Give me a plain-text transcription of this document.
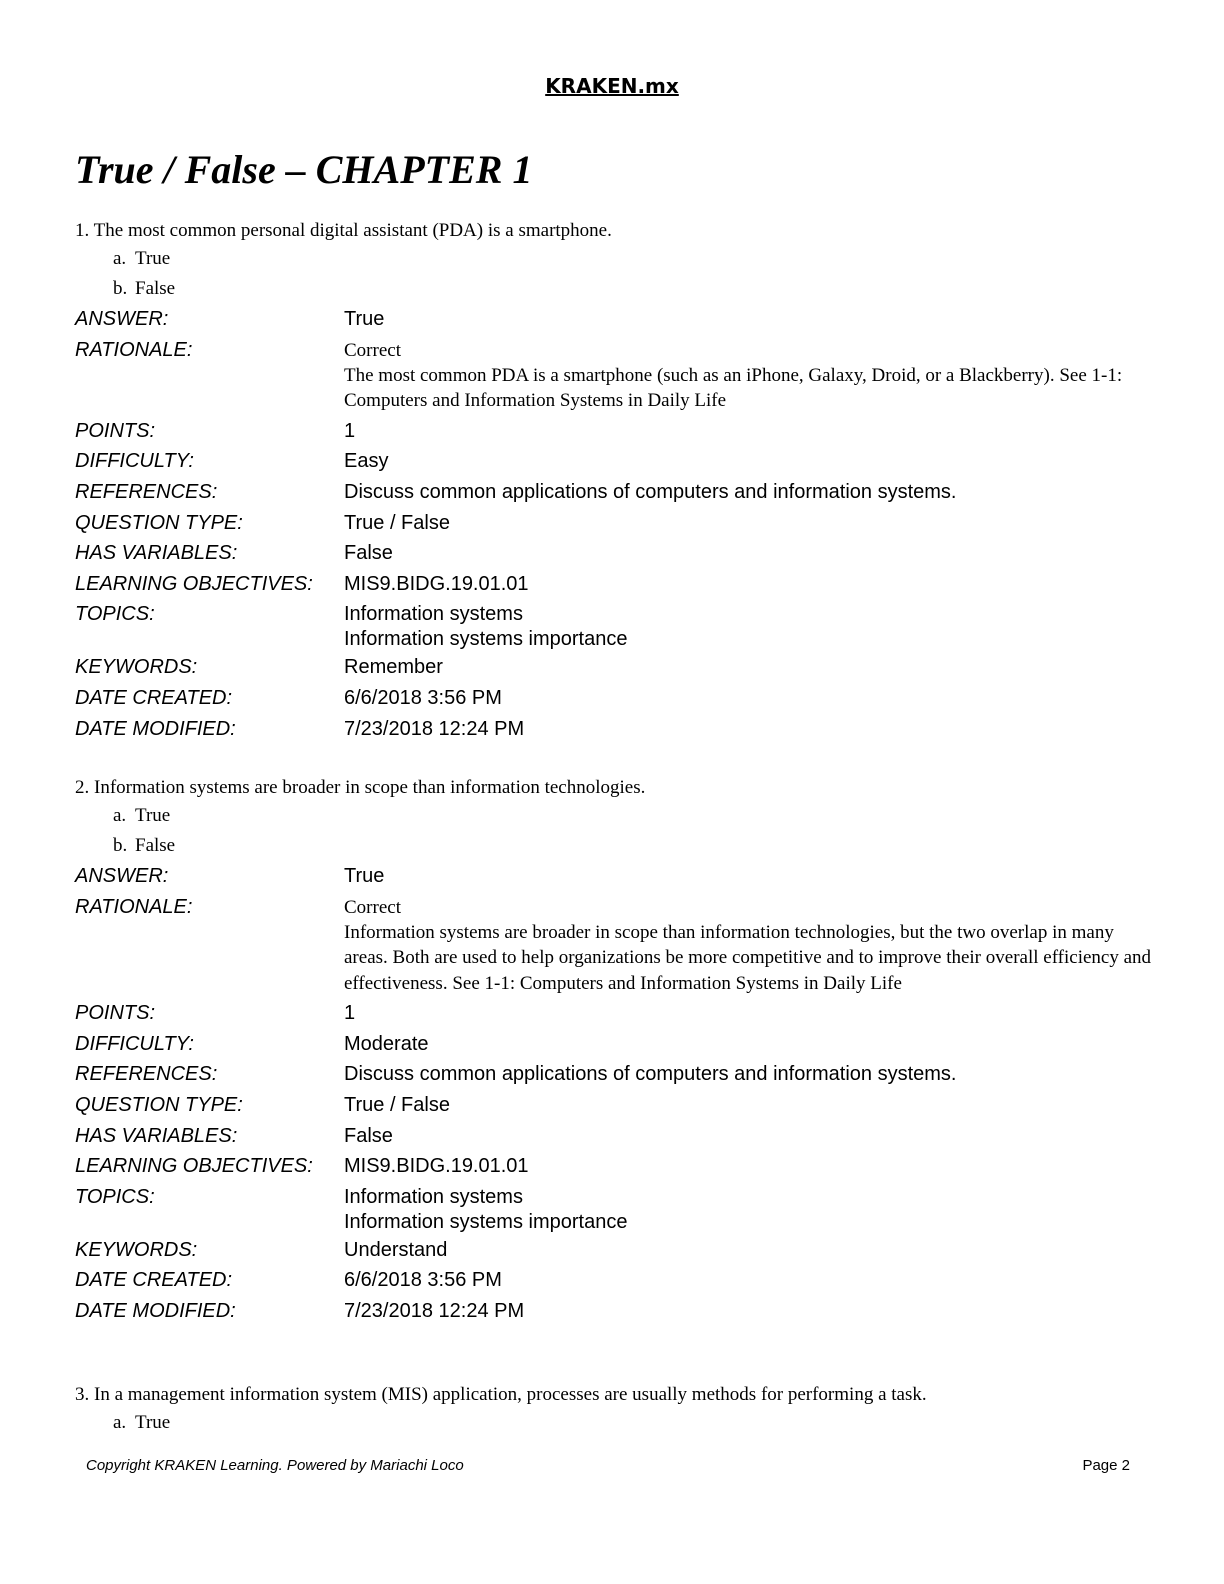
KRAKEN.mx
True / False – CHAPTER 1
1. The most common personal digital assistant (PDA) is a smartphone.
a. True
b. False
ANSWER:	True
RATIONALE:	Correct
The most common PDA is a smartphone (such as an iPhone, Galaxy, Droid, or a Blackberry). See 1-1: Computers and Information Systems in Daily Life
POINTS:	1
DIFFICULTY:	Easy
REFERENCES:	Discuss common applications of computers and information systems.
QUESTION TYPE:	True / False
HAS VARIABLES:	False
LEARNING OBJECTIVES:	MIS9.BIDG.19.01.01
TOPICS:	Information systems
Information systems importance
KEYWORDS:	Remember
DATE CREATED:	6/6/2018 3:56 PM
DATE MODIFIED:	7/23/2018 12:24 PM
2. Information systems are broader in scope than information technologies.
a. True
b. False
ANSWER:	True
RATIONALE:	Correct
Information systems are broader in scope than information technologies, but the two overlap in many areas. Both are used to help organizations be more competitive and to improve their overall efficiency and effectiveness. See 1-1: Computers and Information Systems in Daily Life
POINTS:	1
DIFFICULTY:	Moderate
REFERENCES:	Discuss common applications of computers and information systems.
QUESTION TYPE:	True / False
HAS VARIABLES:	False
LEARNING OBJECTIVES:	MIS9.BIDG.19.01.01
TOPICS:	Information systems
Information systems importance
KEYWORDS:	Understand
DATE CREATED:	6/6/2018 3:56 PM
DATE MODIFIED:	7/23/2018 12:24 PM
3. In a management information system (MIS) application, processes are usually methods for performing a task.
a. True
Copyright KRAKEN Learning. Powered by Mariachi Loco	Page 2
